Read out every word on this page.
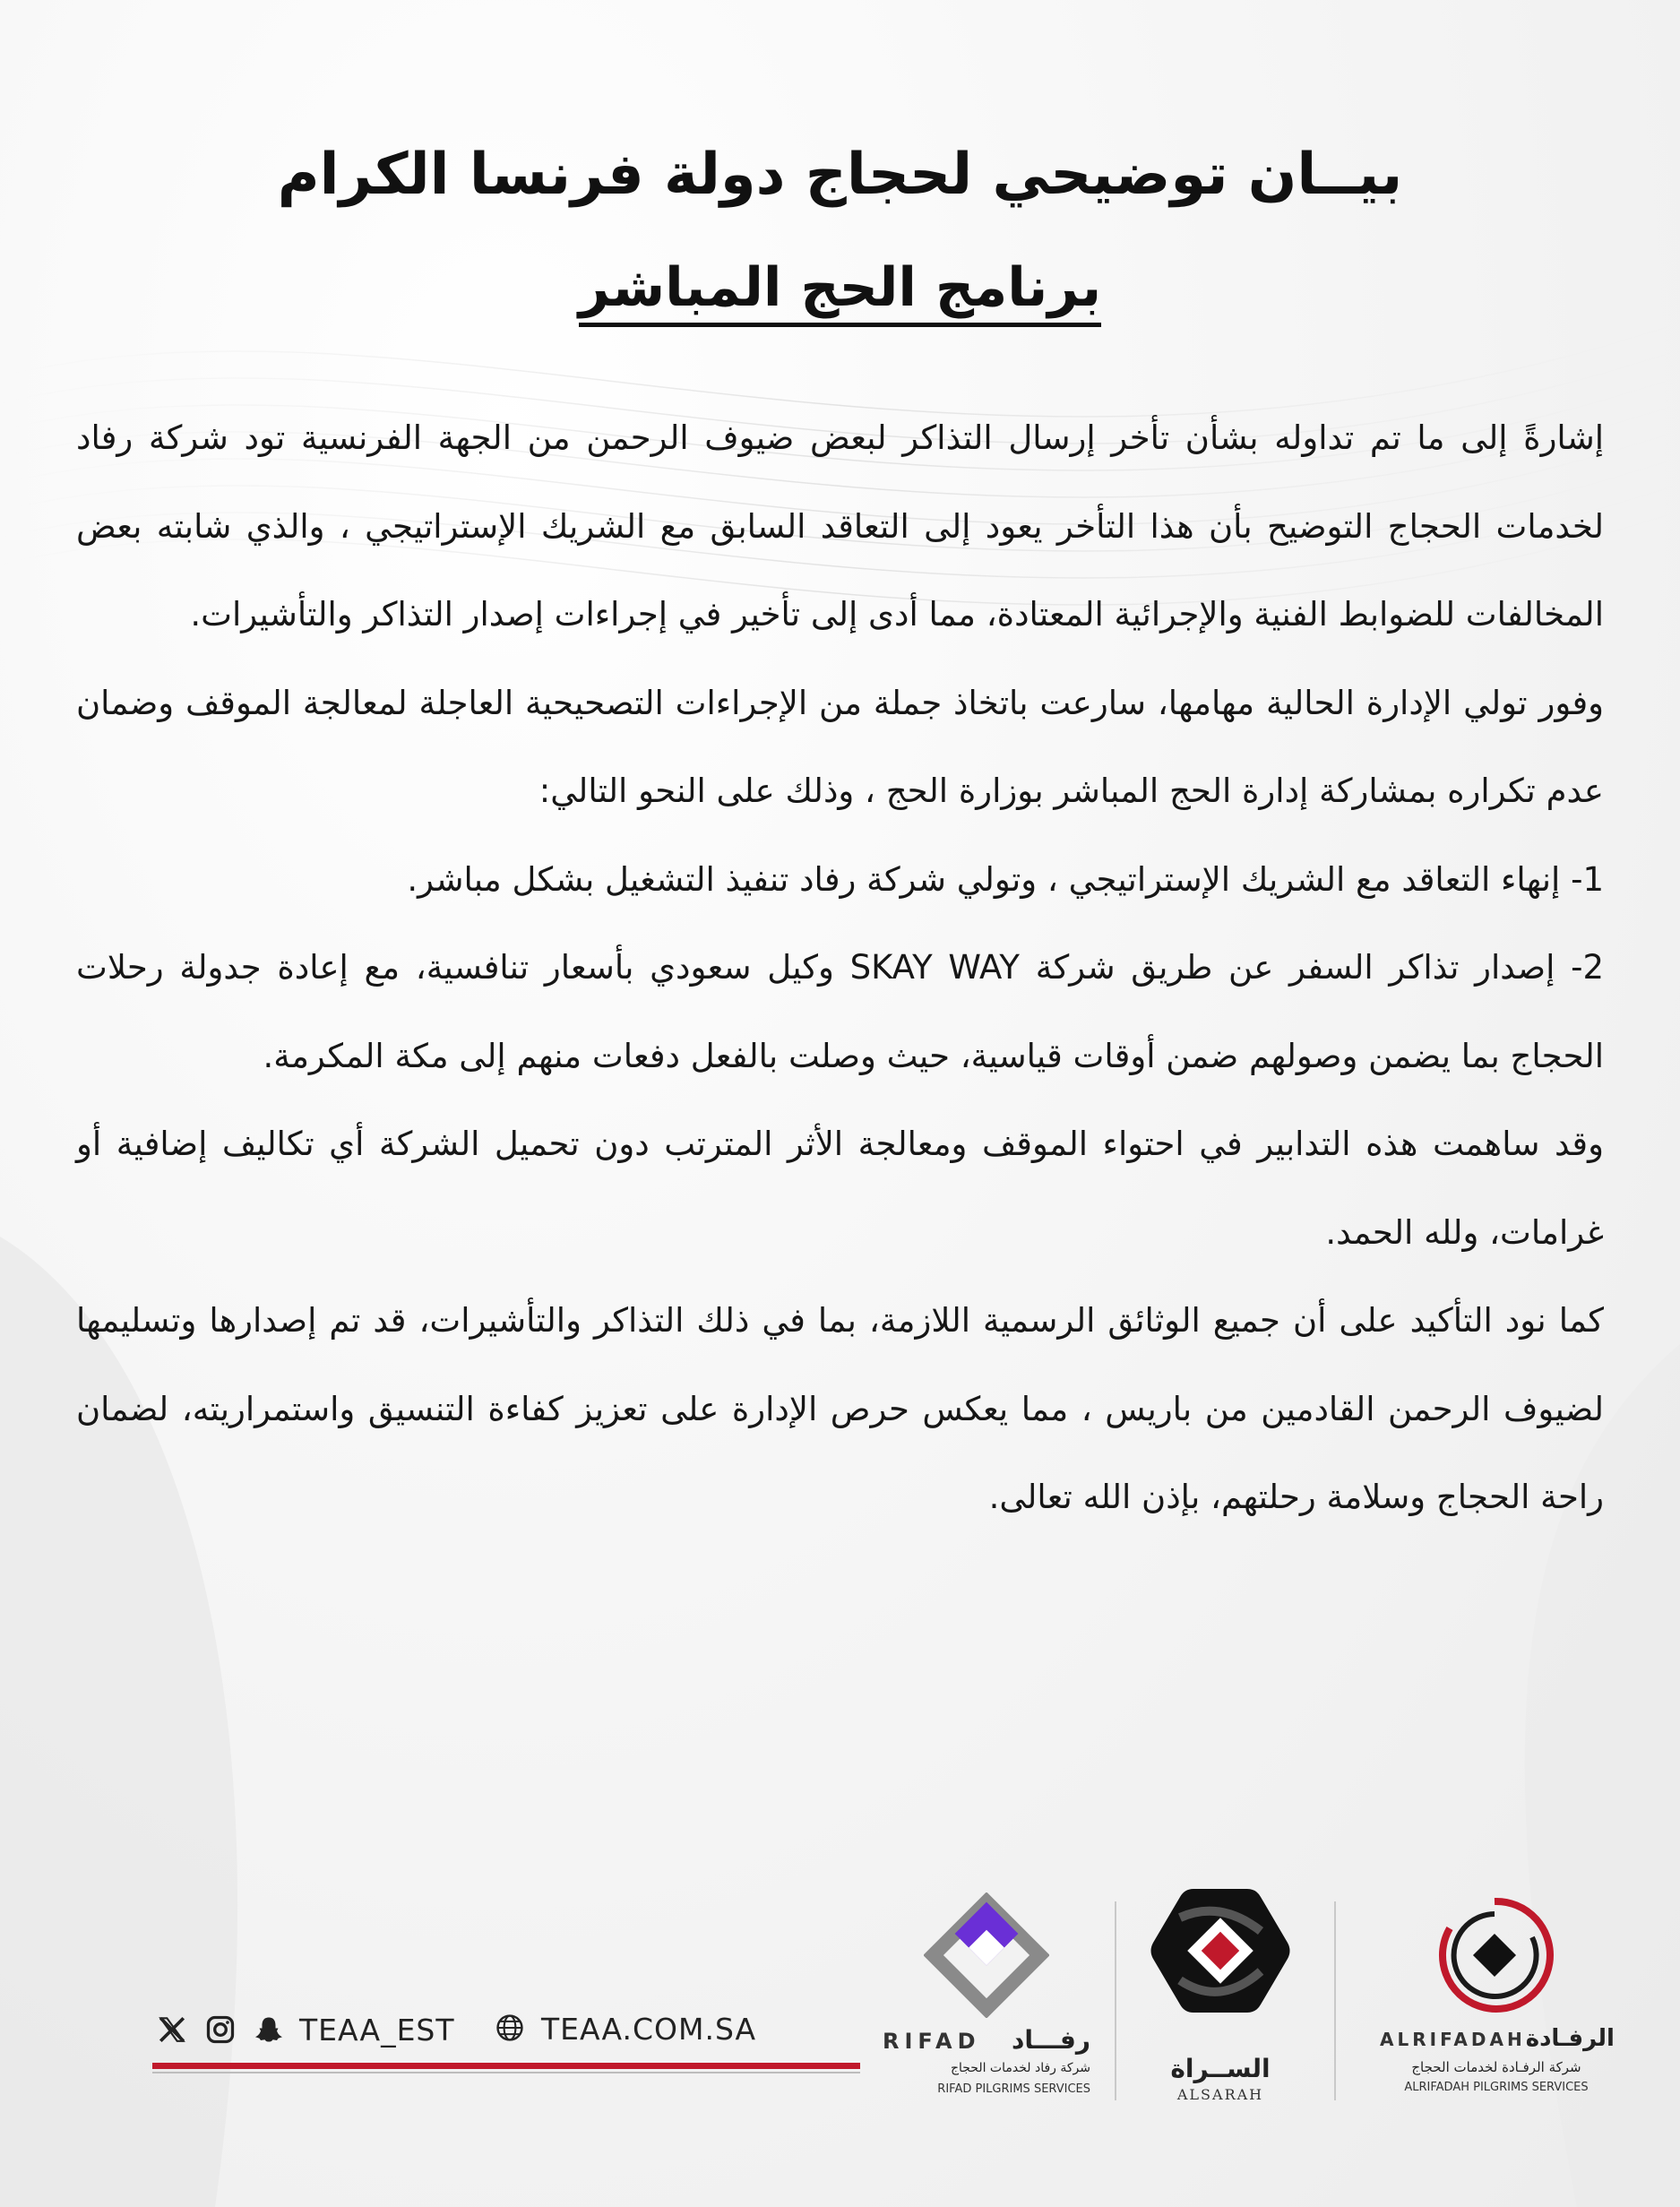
بيــان توضيحي لحجاج دولة فرنسا الكرام
برنامج الحج المباشر

إشارةً إلى ما تم تداوله بشأن تأخر إرسال التذاكر لبعض ضيوف الرحمن من الجهة الفرنسية تود شركة رفاد لخدمات الحجاج التوضيح بأن هذا التأخر يعود إلى التعاقد السابق مع الشريك الإستراتيجي ، والذي شابته بعض المخالفات للضوابط الفنية والإجرائية المعتادة، مما أدى إلى تأخير في إجراءات إصدار التذاكر والتأشيرات.

وفور تولي الإدارة الحالية مهامها، سارعت باتخاذ جملة من الإجراءات التصحيحية العاجلة لمعالجة الموقف وضمان عدم تكراره بمشاركة إدارة الحج المباشر بوزارة الحج ، وذلك على النحو التالي:

1- إنهاء التعاقد مع الشريك الإستراتيجي ، وتولي شركة رفاد تنفيذ التشغيل بشكل مباشر.

2- إصدار تذاكر السفر عن طريق شركة SKAY WAY وكيل سعودي بأسعار تنافسية، مع إعادة جدولة رحلات الحجاج بما يضمن وصولهم ضمن أوقات قياسية، حيث وصلت بالفعل دفعات منهم إلى مكة المكرمة.

وقد ساهمت هذه التدابير في احتواء الموقف ومعالجة الأثر المترتب دون تحميل الشركة أي تكاليف إضافية أو غرامات، ولله الحمد.

كما نود التأكيد على أن جميع الوثائق الرسمية اللازمة، بما في ذلك التذاكر والتأشيرات، قد تم إصدارها وتسليمها لضيوف الرحمن القادمين من باريس ، مما يعكس حرص الإدارة على تعزيز كفاءة التنسيق واستمراريته، لضمان راحة الحجاج وسلامة رحلتهم، بإذن الله تعالى.

TEAA_EST	TEAA.COM.SA	RIFAD رفـــاد
شركة رفاد لخدمات الحجاج
RIFAD PILGRIMS SERVICES
الســراة
ALSARAH
ALRIFADAH الرفـادة
شركة الرفـادة لخدمات الحجاج
ALRIFADAH PILGRIMS SERVICES
